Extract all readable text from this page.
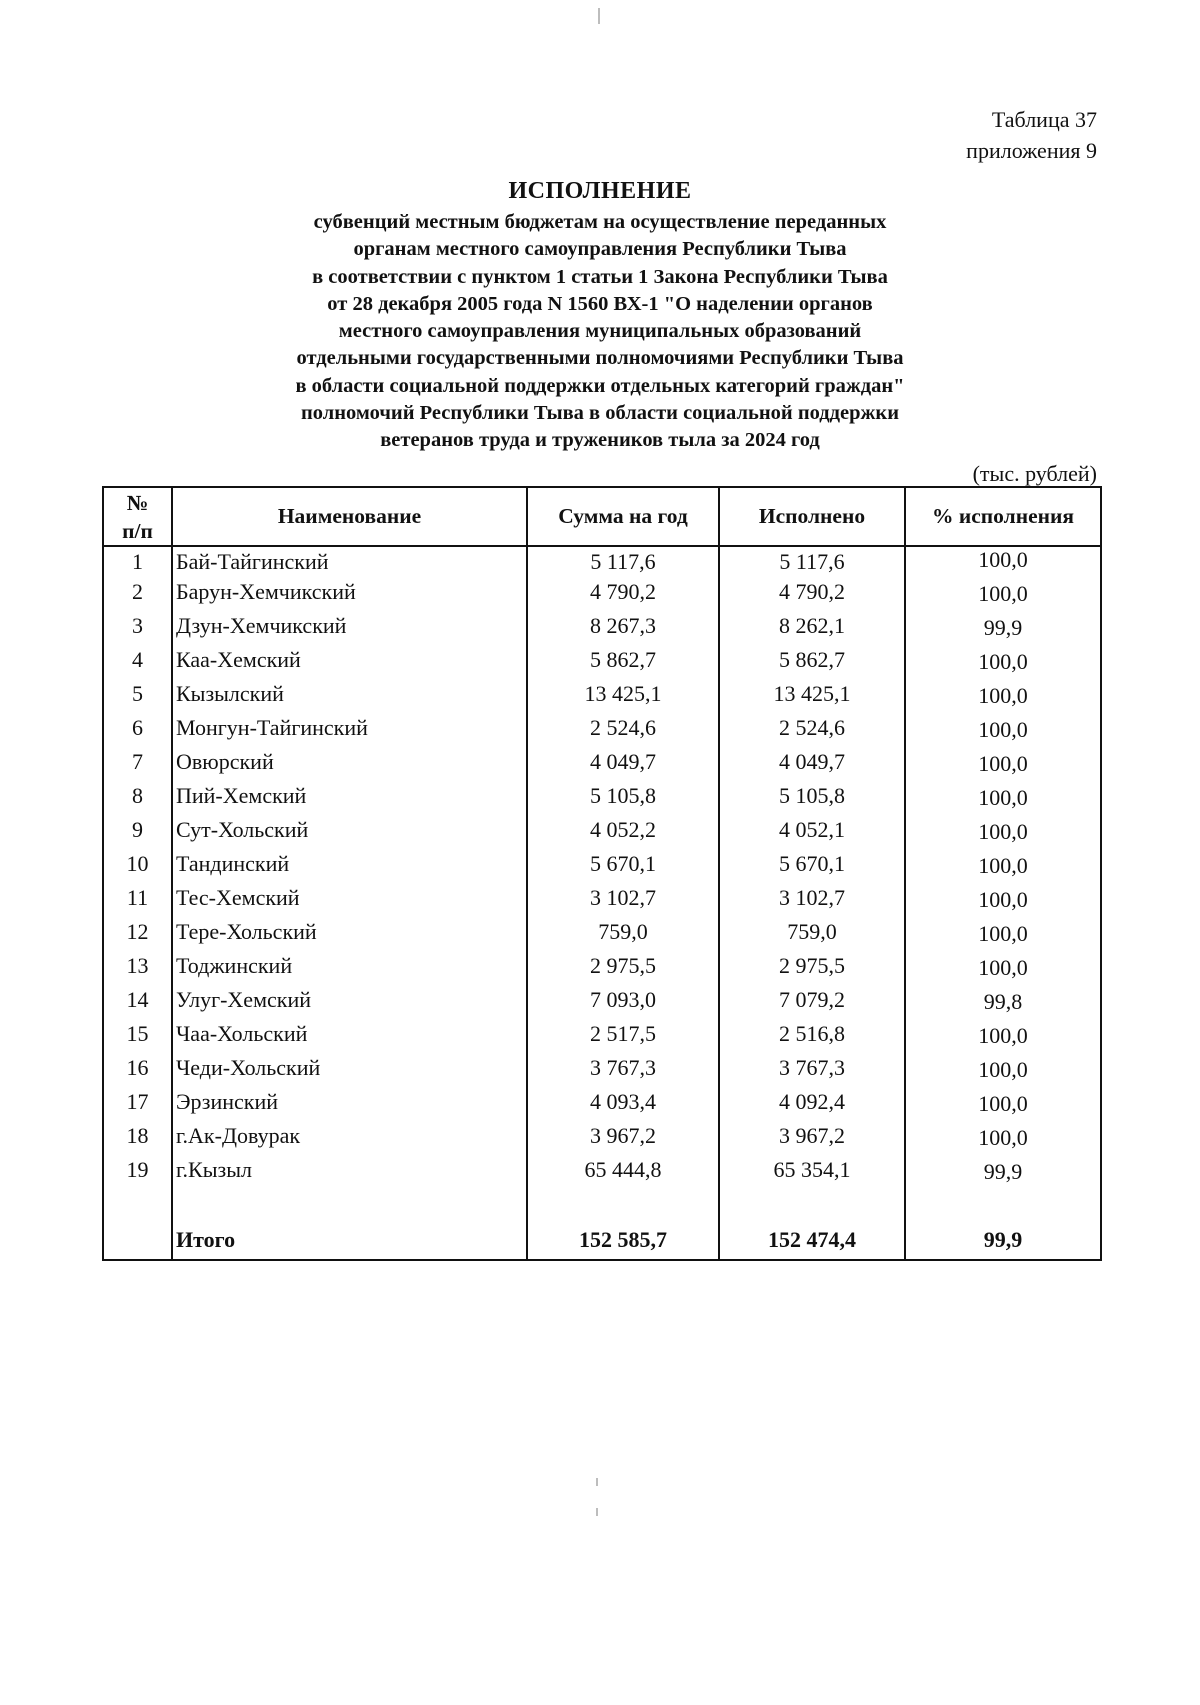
Таблица 37
приложения 9
ИСПОЛНЕНИЕ
субвенций местным бюджетам на осуществление переданных
органам местного самоуправления Республики Тыва
в соответствии с пунктом 1 статьи 1 Закона Республики Тыва
от 28 декабря 2005 года N 1560 ВХ-1 "О наделении органов
местного самоуправления муниципальных образований
отдельными государственными полномочиями Республики Тыва
в области социальной поддержки отдельных категорий граждан"
полномочий Республики Тыва в области социальной поддержки
ветеранов труда и тружеников тыла за 2024 год
(тыс. рублей)
№
п/п	Наименование	Сумма на год	Исполнено	% исполнения
1	Бай-Тайгинский	5 117,6	5 117,6	100,0
2	Барун-Хемчикский	4 790,2	4 790,2	100,0
3	Дзун-Хемчикский	8 267,3	8 262,1	99,9
4	Каа-Хемский	5 862,7	5 862,7	100,0
5	Кызылский	13 425,1	13 425,1	100,0
6	Монгун-Тайгинский	2 524,6	2 524,6	100,0
7	Овюрский	4 049,7	4 049,7	100,0
8	Пий-Хемский	5 105,8	5 105,8	100,0
9	Сут-Хольский	4 052,2	4 052,1	100,0
10	Тандинский	5 670,1	5 670,1	100,0
11	Тес-Хемский	3 102,7	3 102,7	100,0
12	Тере-Хольский	759,0	759,0	100,0
13	Тоджинский	2 975,5	2 975,5	100,0
14	Улуг-Хемский	7 093,0	7 079,2	99,8
15	Чаа-Хольский	2 517,5	2 516,8	100,0
16	Чеди-Хольский	3 767,3	3 767,3	100,0
17	Эрзинский	4 093,4	4 092,4	100,0
18	г.Ак-Довурак	3 967,2	3 967,2	100,0
19	г.Кызыл	65 444,8	65 354,1	99,9

	Итого	152 585,7	152 474,4	99,9
